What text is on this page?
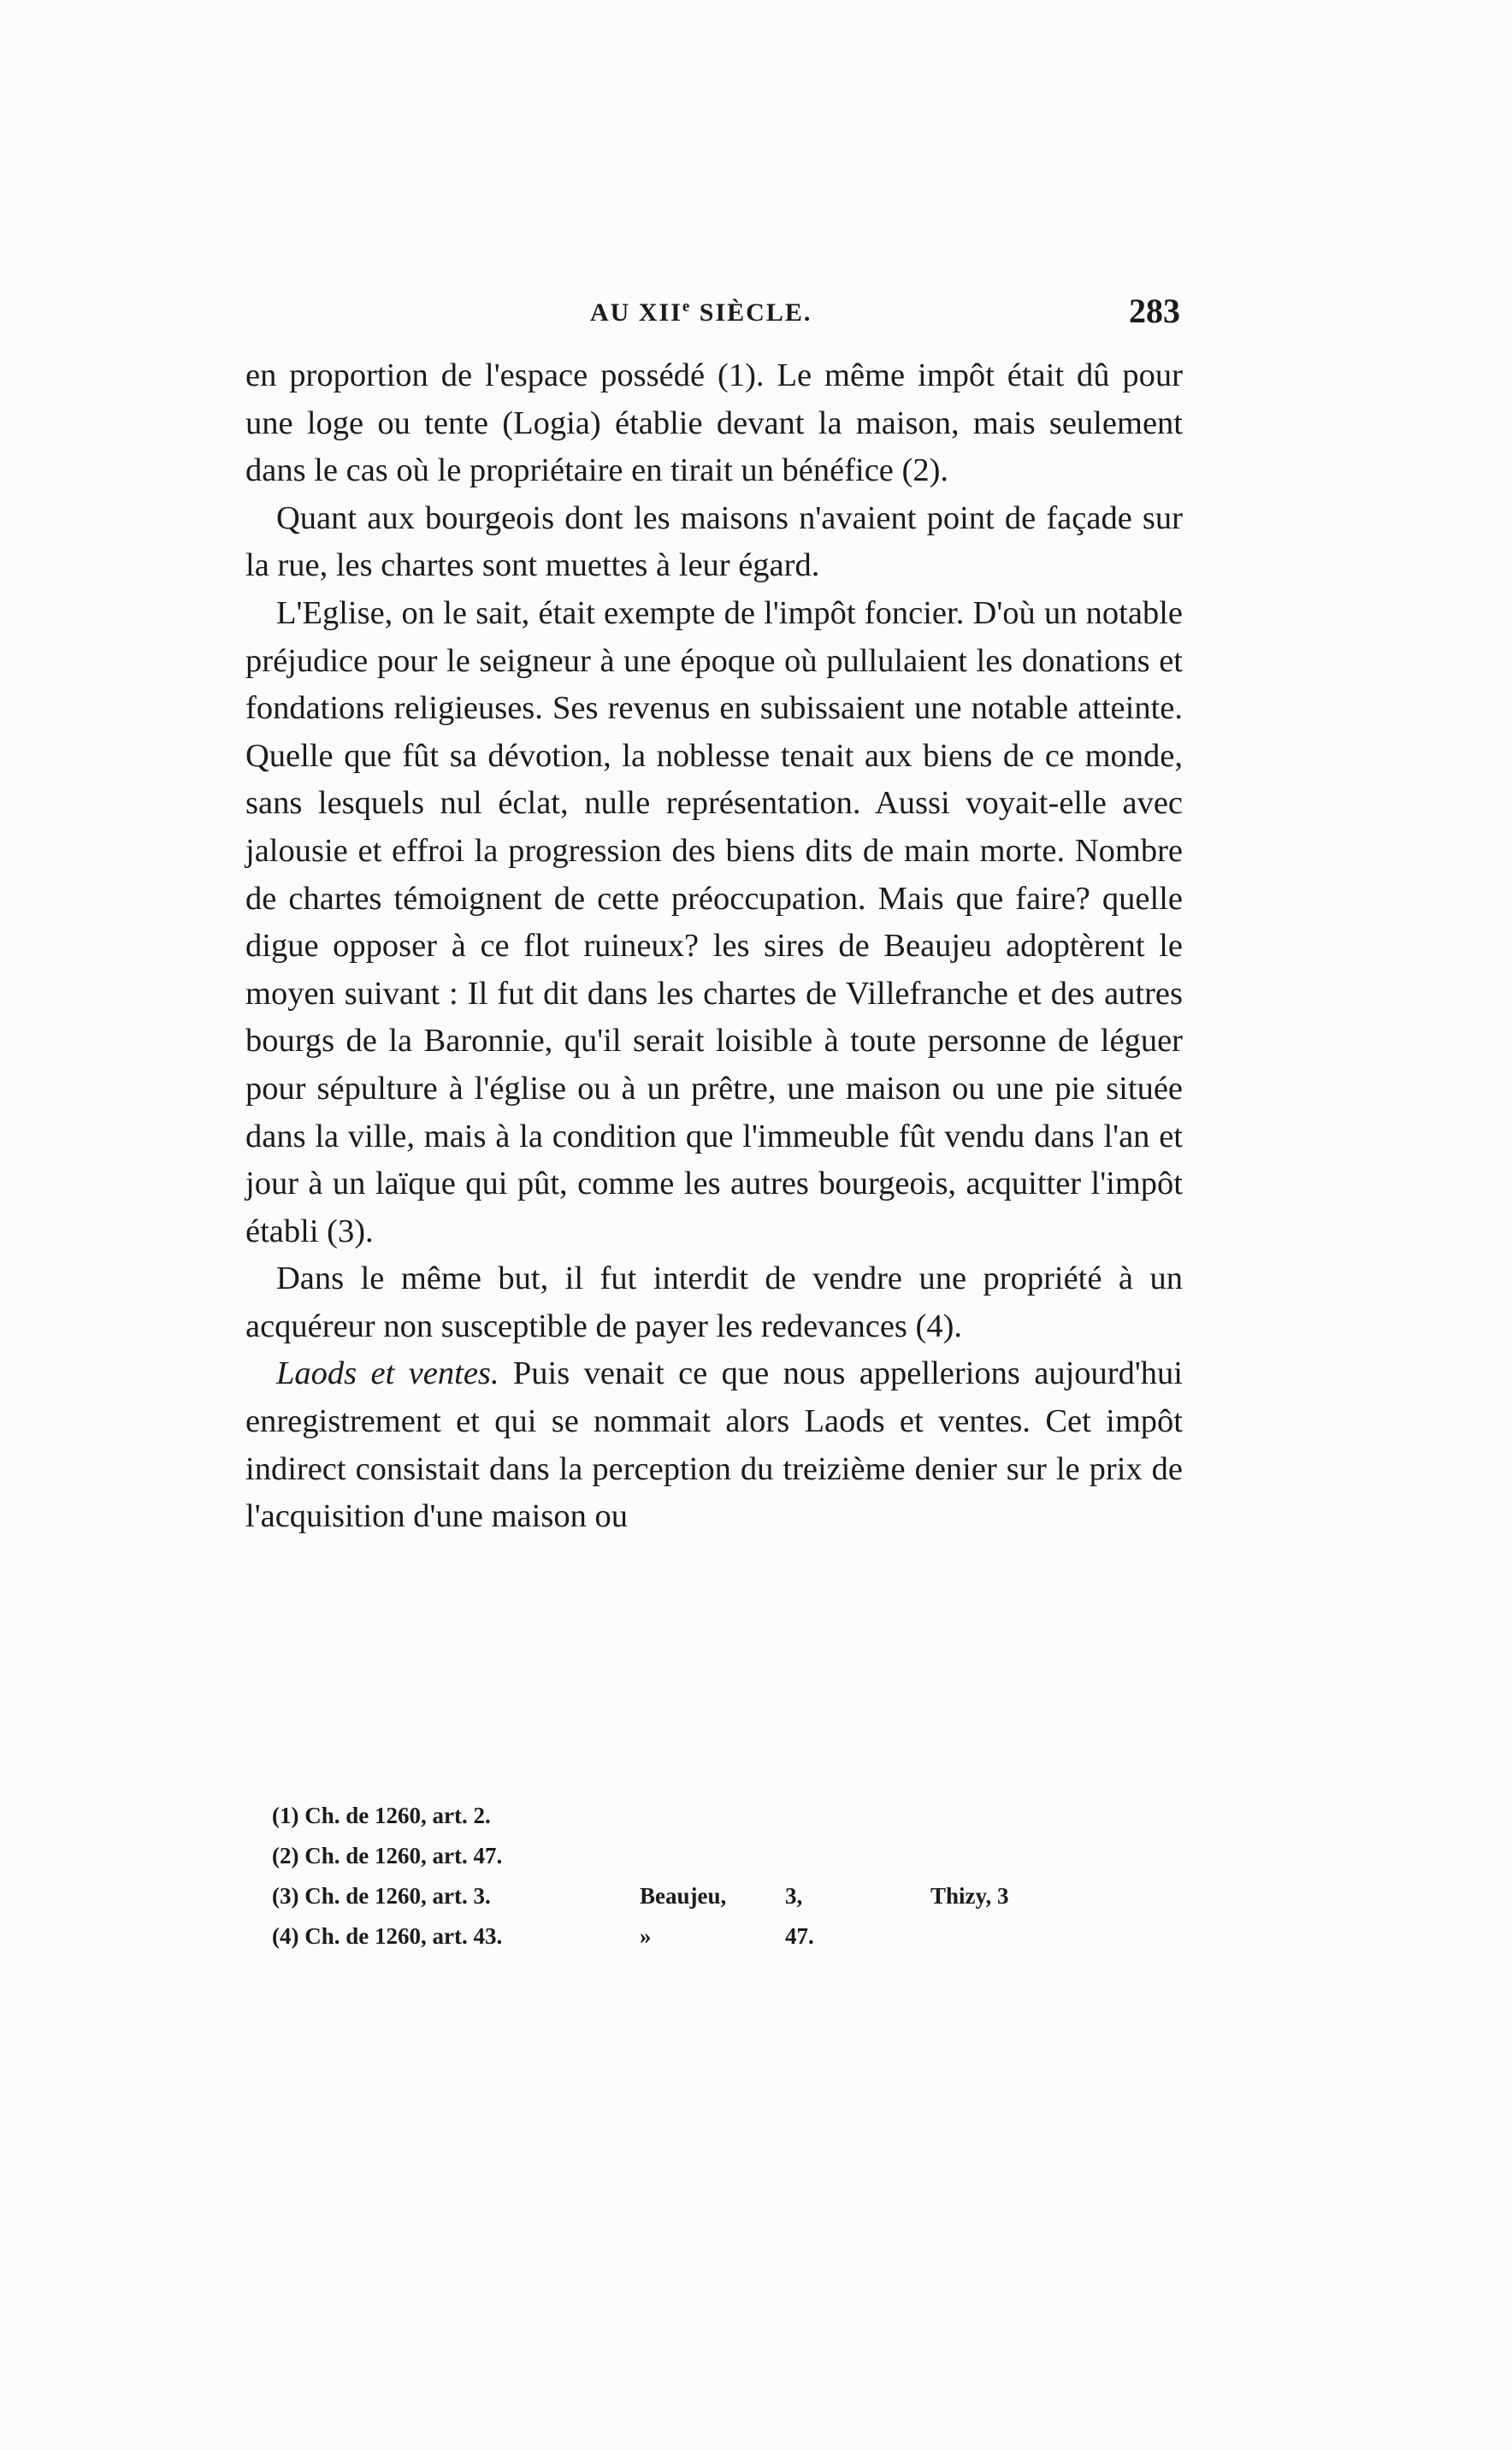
AU XIIe SIÈCLE.	283

en proportion de l'espace possédé (1). Le même impôt était dû pour une loge ou tente (Logia) établie devant la maison, mais seulement dans le cas où le propriétaire en tirait un bénéfice (2).

Quant aux bourgeois dont les maisons n'avaient point de façade sur la rue, les chartes sont muettes à leur égard.

L'Eglise, on le sait, était exempte de l'impôt foncier. D'où un notable préjudice pour le seigneur à une époque où pullulaient les donations et fondations religieuses. Ses revenus en subissaient une notable atteinte. Quelle que fût sa dévotion, la noblesse tenait aux biens de ce monde, sans lesquels nul éclat, nulle représentation. Aussi voyait-elle avec jalousie et effroi la progression des biens dits de main morte. Nombre de chartes témoignent de cette préoccupation. Mais que faire? quelle digue opposer à ce flot ruineux? les sires de Beaujeu adoptèrent le moyen suivant : Il fut dit dans les chartes de Villefranche et des autres bourgs de la Baronnie, qu'il serait loisible à toute personne de léguer pour sépulture à l'église ou à un prêtre, une maison ou une pie située dans la ville, mais à la condition que l'immeuble fût vendu dans l'an et jour à un laïque qui pût, comme les autres bourgeois, acquitter l'impôt établi (3).

Dans le même but, il fut interdit de vendre une propriété à un acquéreur non susceptible de payer les redevances (4).

Laods et ventes. Puis venait ce que nous appellerions aujourd'hui enregistrement et qui se nommait alors Laods et ventes. Cet impôt indirect consistait dans la perception du treizième denier sur le prix de l'acquisition d'une maison ou

(1) Ch. de 1260, art. 2.
(2) Ch. de 1260, art. 47.
(3) Ch. de 1260, art. 3.	Beaujeu,	3,	Thizy, 3
(4) Ch. de 1260, art. 43.	»	47.
